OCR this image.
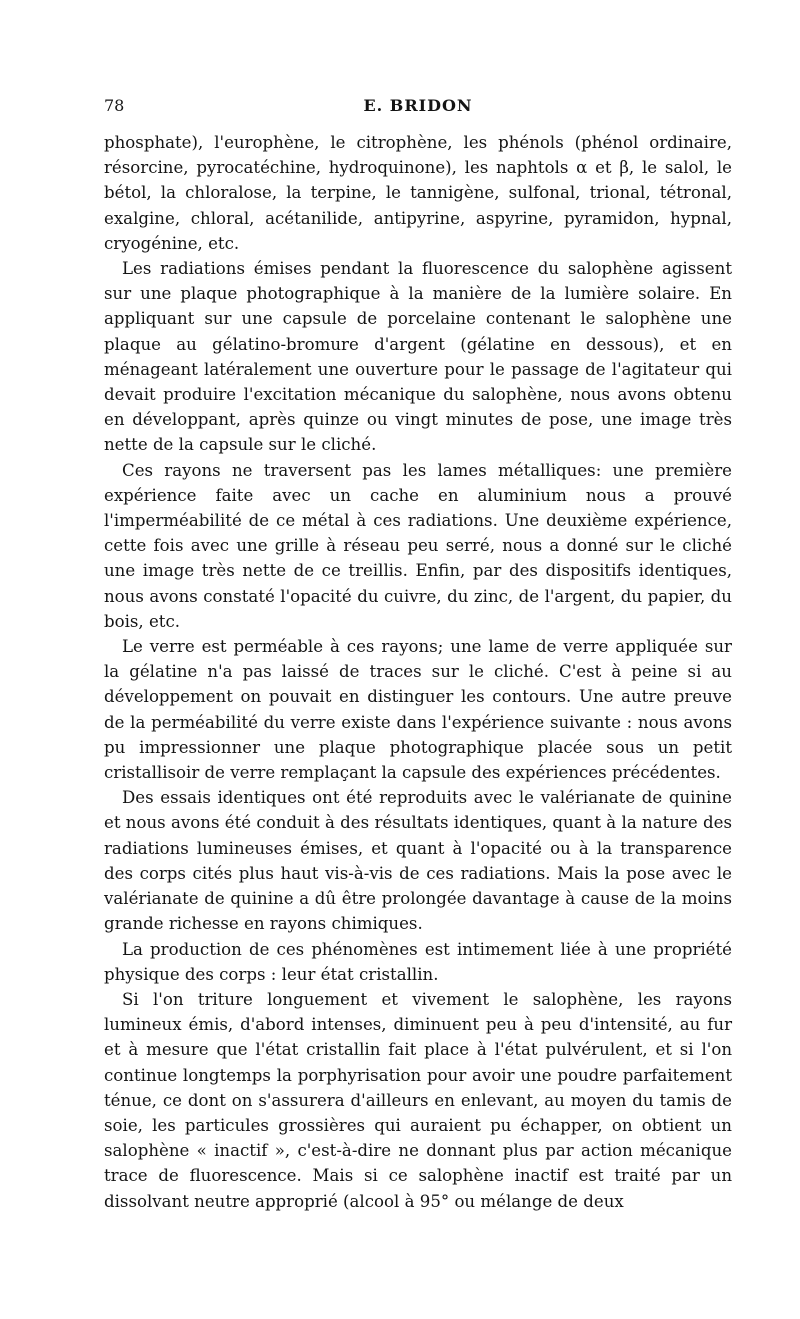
78	E. BRIDON

phosphate), l'europhène, le citrophène, les phénols (phénol ordinaire, résorcine, pyrocatéchine, hydroquinone), les naphtols α et β, le salol, le bétol, la chloralose, la terpine, le tannigène, sulfonal, trional, tétronal, exalgine, chloral, acétanilide, antipyrine, aspyrine, pyramidon, hypnal, cryogénine, etc.

Les radiations émises pendant la fluorescence du salophène agissent sur une plaque photographique à la manière de la lumière solaire. En appliquant sur une capsule de porcelaine contenant le salophène une plaque au gélatino-bromure d'argent (gélatine en dessous), et en ménageant latéralement une ouverture pour le passage de l'agitateur qui devait produire l'excitation mécanique du salophène, nous avons obtenu en développant, après quinze ou vingt minutes de pose, une image très nette de la capsule sur le cliché.

Ces rayons ne traversent pas les lames métalliques: une première expérience faite avec un cache en aluminium nous a prouvé l'imperméabilité de ce métal à ces radiations. Une deuxième expérience, cette fois avec une grille à réseau peu serré, nous a donné sur le cliché une image très nette de ce treillis. Enfin, par des dispositifs identiques, nous avons constaté l'opacité du cuivre, du zinc, de l'argent, du papier, du bois, etc.

Le verre est perméable à ces rayons; une lame de verre appliquée sur la gélatine n'a pas laissé de traces sur le cliché. C'est à peine si au développement on pouvait en distinguer les contours. Une autre preuve de la perméabilité du verre existe dans l'expérience suivante : nous avons pu impressionner une plaque photographique placée sous un petit cristallisoir de verre remplaçant la capsule des expériences précédentes.

Des essais identiques ont été reproduits avec le valérianate de quinine et nous avons été conduit à des résultats identiques, quant à la nature des radiations lumineuses émises, et quant à l'opacité ou à la transparence des corps cités plus haut vis-à-vis de ces radiations. Mais la pose avec le valérianate de quinine a dû être prolongée davantage à cause de la moins grande richesse en rayons chimiques.

La production de ces phénomènes est intimement liée à une propriété physique des corps : leur état cristallin.

Si l'on triture longuement et vivement le salophène, les rayons lumineux émis, d'abord intenses, diminuent peu à peu d'intensité, au fur et à mesure que l'état cristallin fait place à l'état pulvérulent, et si l'on continue longtemps la porphyrisation pour avoir une poudre parfaitement ténue, ce dont on s'assurera d'ailleurs en enlevant, au moyen du tamis de soie, les particules grossières qui auraient pu échapper, on obtient un salophène « inactif », c'est-à-dire ne donnant plus par action mécanique trace de fluorescence. Mais si ce salophène inactif est traité par un dissolvant neutre approprié (alcool à 95° ou mélange de deux
